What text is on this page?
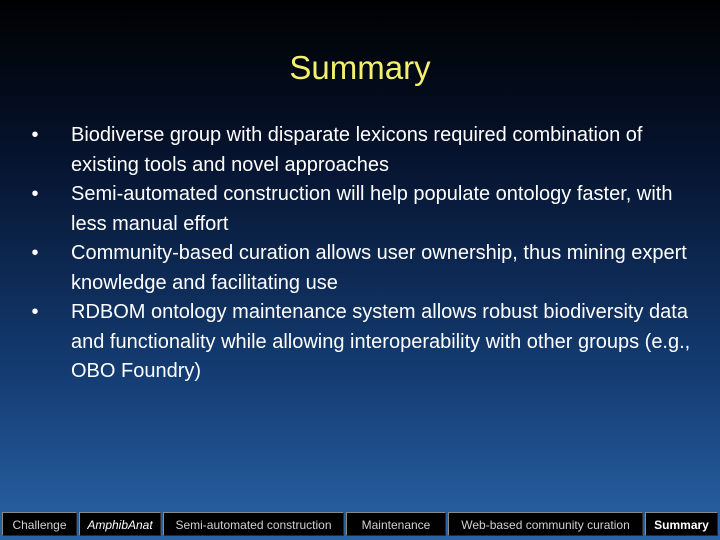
Summary
• Biodiverse group with disparate lexicons required combination of existing tools and novel approaches
• Semi-automated construction will help populate ontology faster, with less manual effort
• Community-based curation allows user ownership, thus mining expert knowledge and facilitating use
• RDBOM ontology maintenance system allows robust biodiversity data and functionality while allowing interoperability with other groups (e.g., OBO Foundry)
Challenge	AmphibAnat	Semi-automated construction	Maintenance	Web-based community curation	Summary
